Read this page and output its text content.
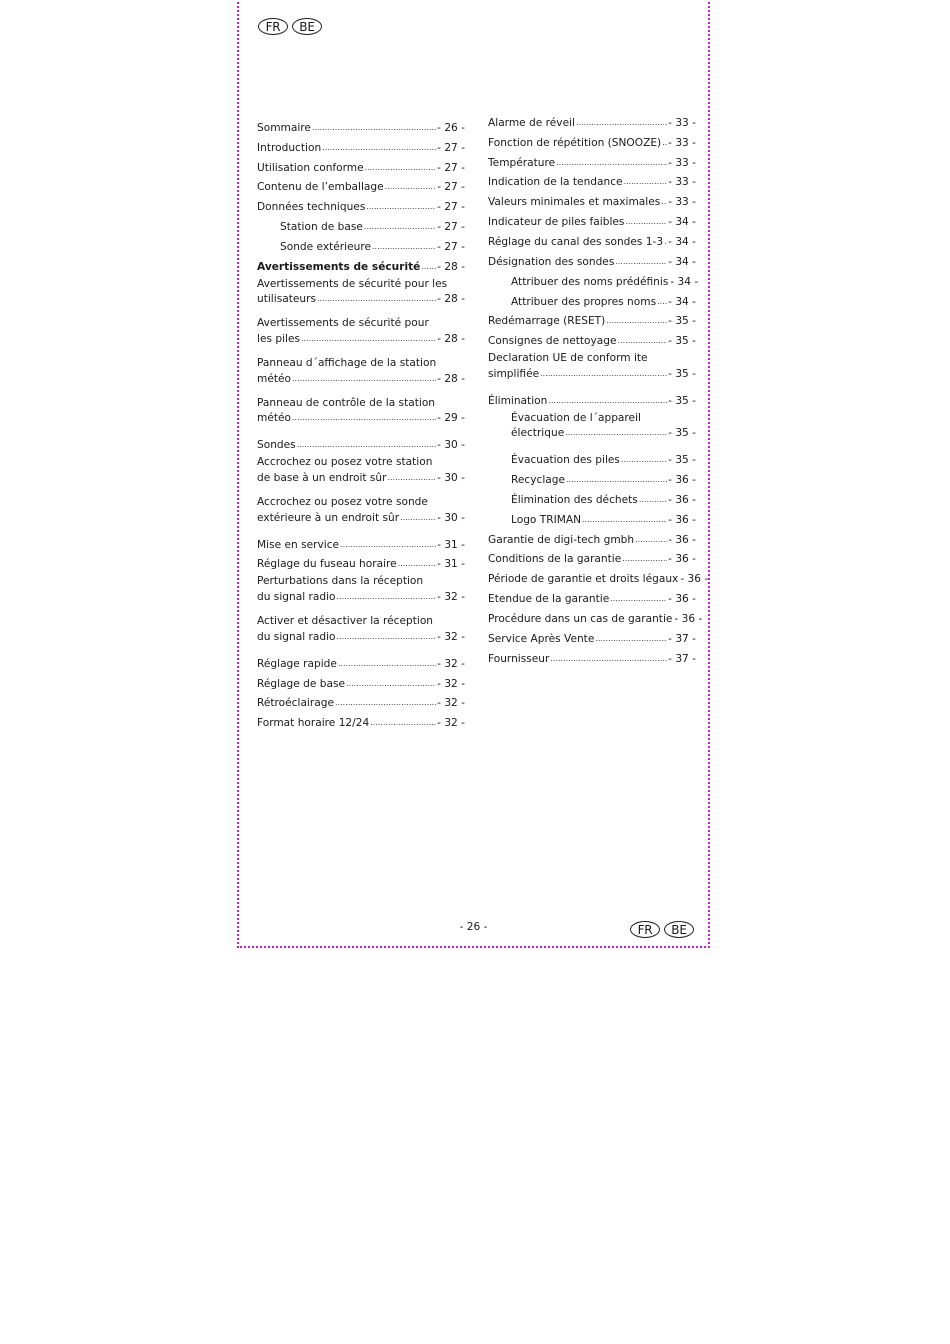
FR	BE
Sommaire .....	- 26 -
Introduction .....	- 27 -
Utilisation conforme .....	- 27 -
Contenu de l’emballage .....	- 27 -
Données techniques .....	- 27 -
Station de base .....	- 27 -
Sonde extérieure .....	- 27 -
Avertissements de sécurité ..... - 28 -
Avertissements de sécurité pour les
utilisateurs .....	- 28 -
Avertissements de sécurité pour
les piles .....	- 28 -
Panneau d´affichage de la station
météo .....	- 28 -
Panneau de contrôle de la station
météo .....	- 29 -
Sondes .....	- 30 -
Accrochez ou posez votre station
de base à un endroit sûr .....	- 30 -
Accrochez ou posez votre sonde
extérieure à un endroit sûr .....	- 30 -
Mise en service .....	- 31 -
Réglage du fuseau horaire .....	- 31 -
Perturbations dans la réception
du signal radio .....	- 32 -
Activer et désactiver la réception
du signal radio .....	- 32 -
Réglage rapide .....	- 32 -
Réglage de base .....	- 32 -
Rétroéclairage .....	- 32 -
Format horaire 12/24 .....	- 32 -
Alarme de réveil .....	- 33 -
Fonction de répétition (SNOOZE) ..... - 33 -
Température .....	- 33 -
Indication de la tendance .....	- 33 -
Valeurs minimales et maximales ..... - 33 -
Indicateur de piles faibles .....	- 34 -
Réglage du canal des sondes 1-3 ..... - 34 -
Désignation des sondes .....	- 34 -
Attribuer des noms prédéfinis - 34 -
Attribuer des propres noms ..... - 34 -
Redémarrage (RESET) .....	- 35 -
Consignes de nettoyage .....	- 35 -
Declaration UE de conform ite
simplifiée .....	- 35 -
Élimination .....	- 35 -
Évacuation de l´appareil
électrique .....	- 35 -
Évacuation des piles .....	- 35 -
Recyclage .....	- 36 -
Élimination des déchets .....	- 36 -
Logo TRIMAN .....	- 36 -
Garantie de digi-tech gmbh .....	- 36 -
Conditions de la garantie .....	- 36 -
Période de garantie et droits légaux - 36 -
Etendue de la garantie .....	- 36 -
Procédure dans un cas de garantie - 36 -
Service Après Vente .....	- 37 -
Fournisseur .....	- 37 -
- 26 -	FR	BE
